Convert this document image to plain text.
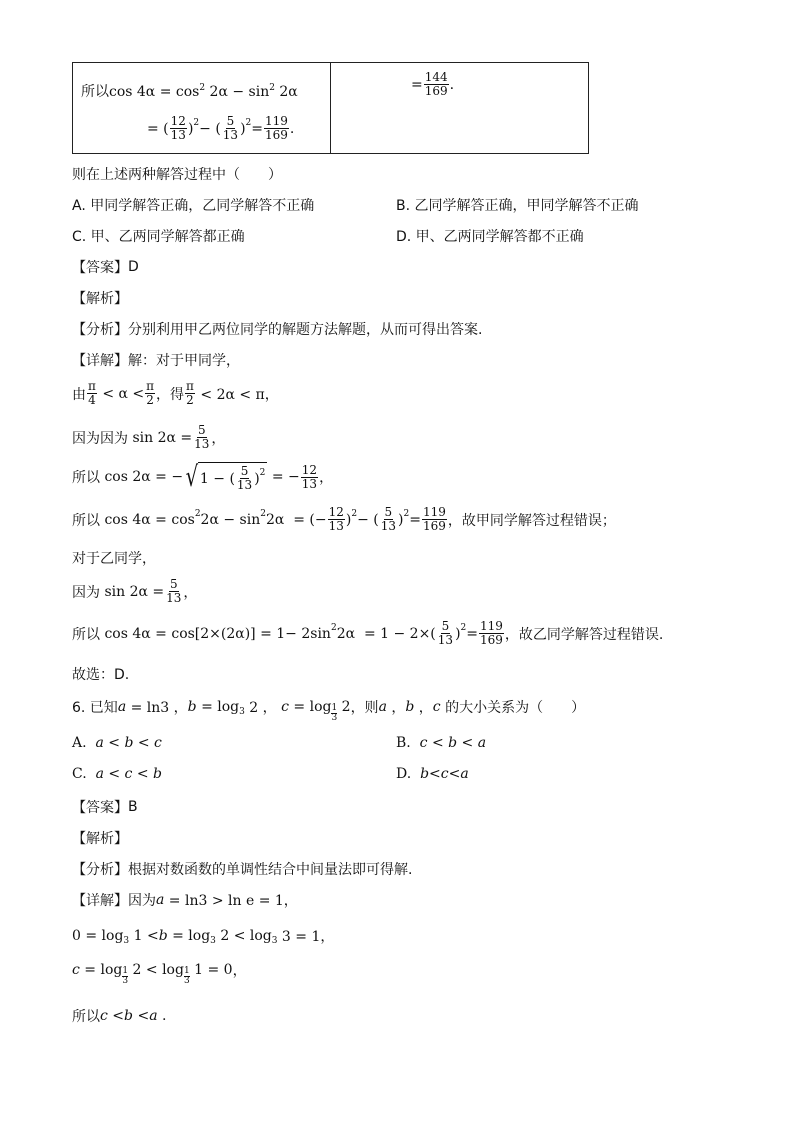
所以$\cos 4\alpha = \cos^2 2\alpha - \sin^2 2\alpha$
= ( $\frac{12}{13}$ ) 2 − ( $\frac{5}{13}$ ) $2 = \frac{119}{169}$ .

= $\frac{144}{169}$ .
则在上述两种解答过程中（　　）
A. 甲同学解答正确，乙同学解答不正确	B. 乙同学解答正确，甲同学解答不正确
C. 甲、乙两同学解答都正确	D. 甲、乙两同学解答都不正确
【答案】 D
【解析】
【分析】分别利用甲乙两位同学的解题方法解题，从而可得出答案.
【详解】 解：对于甲同学，
由 $\frac{\pi}{4} < \alpha < \frac{\pi}{2}$ ，得 $\frac{\pi}{2} < 2\alpha < \pi$，
因为因为 $\sin 2\alpha = \frac{5}{13}$ ，
所以 cos 2α = − √ 1 − ( $\frac{5}{13}$ ) 2 = − $\frac{12}{13}$ ，
所以 cos 4α = cos 2 2α − sin 2 2α  = (− $\frac{12}{13}$ ) 2 − ( $\frac{5}{13}$ ) $2 = \frac{119}{169}$ ，故甲同学解答过程错误；
对于乙同学，
因为 $\sin 2\alpha = \frac{5}{13}$ ，
所以 cos 4α = cos[2×(2α)] = 1− 2sin 2 $2\alpha = 1 - 2\times( \frac{5}{13}$ ) $2 = \frac{119}{169}$ ，故乙同学解答过程错误.
故选：D.
6. 已知 a = ln3 ， b = log 3 2 ， $c = \log \frac{1}{3} 2$ ，则 a ， b ， c
的大小关系为（　　）
A. a < b < c	B. c < b < a
C. a < c < b	D. b<c<a
【答案】 B
【解析】
【分析】根据对数函数的单调性结合中间量法即可得解.
【详解】 因为 a = ln3 > ln e = 1，
0 = log 3 1 < b = log 3 2 < log 3 3 = 1，
$c = \log \frac{1}{3} 2 < \log \frac{1}{3} 1 = 0$ ，
所以 c < b < a .
